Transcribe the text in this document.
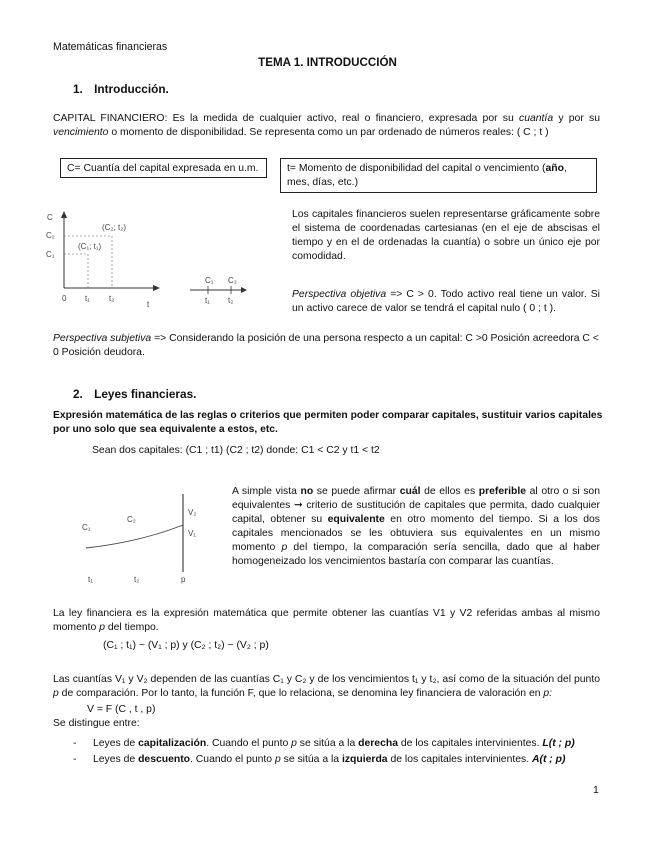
Matemáticas financieras
TEMA 1. INTRODUCCIÓN
1. Introducción.
CAPITAL FINANCIERO: Es la medida de cualquier activo, real o financiero, expresada por su cuantía y por su vencimiento o momento de disponibilidad. Se representa como un par ordenado de números reales: ( C ; t )
C= Cuantía del capital expresada en u.m.	t= Momento de disponibilidad del capital o vencimiento (año, mes, días, etc.)
C
C₂
C₁
(C₂; t₂)
(C₁; t₁)
0 t₁ t₂
t
C₁ C₂
t₁ t₂
Los capitales financieros suelen representarse gráficamente sobre el sistema de coordenadas cartesianas (en el eje de abscisas el tiempo y en el de ordenadas la cuantía) o sobre un único eje por comodidad.
Perspectiva objetiva => C > 0. Todo activo real tiene un valor. Si un activo carece de valor se tendrá el capital nulo ( 0 ; t ).
Perspectiva subjetiva => Considerando la posición de una persona respecto a un capital: C >0 Posición acreedora C < 0 Posición deudora.
2. Leyes financieras.
Expresión matemática de las reglas o criterios que permiten poder comparar capitales, sustituir varios capitales por uno solo que sea equivalente a estos, etc.
Sean dos capitales: (C1 ; t1) (C2 ; t2) donde: C1 < C2 y t1 < t2
C₁
C₂
V₂
V₁
t₁	t₂	p
A simple vista no se puede afirmar cuál de ellos es preferible al otro o si son equivalentes ➞ criterio de sustitución de capitales que permita, dado cualquier capital, obtener su equivalente en otro momento del tiempo. Si a los dos capitales mencionados se les obtuviera sus equivalentes en un mismo momento p del tiempo, la comparación sería sencilla, dado que al haber homogeneizado los vencimientos bastaría con comparar las cuantías.
La ley financiera es la expresión matemática que permite obtener las cuantías V1 y V2 referidas ambas al mismo momento p del tiempo.
(C₁ ; t₁) ~ (V₁ ; p) y (C₂ ; t₂) ~ (V₂ ; p)
Las cuantías V₁ y V₂ dependen de las cuantías C₁ y C₂ y de los vencimientos t₁ y t₂, así como de la situación del punto p de comparación. Por lo tanto, la función F, que lo relaciona, se denomina ley financiera de valoración en p:
V = F (C , t , p)
Se distingue entre:
- Leyes de capitalización. Cuando el punto p se sitúa a la derecha de los capitales intervinientes. L(t ; p)
- Leyes de descuento. Cuando el punto p se sitúa a la izquierda de los capitales intervinientes. A(t ; p)
1
